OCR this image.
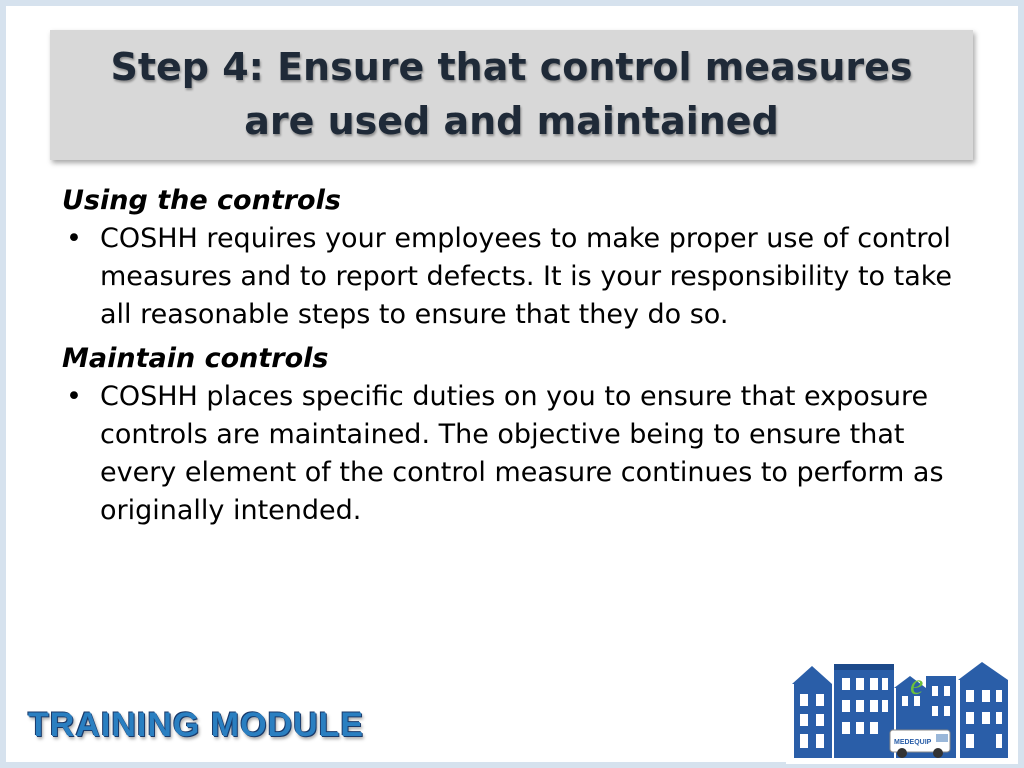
Step 4: Ensure that control measures are used and maintained

Using the controls

• COSHH requires your employees to make proper use of control measures and to report defects. It is your responsibility to take all reasonable steps to ensure that they do so.

Maintain controls

• COSHH places specific duties on you to ensure that exposure controls are maintained. The objective being to ensure that every element of the control measure continues to perform as originally intended.
TRAINING MODULE	MEDEQUIP
e
